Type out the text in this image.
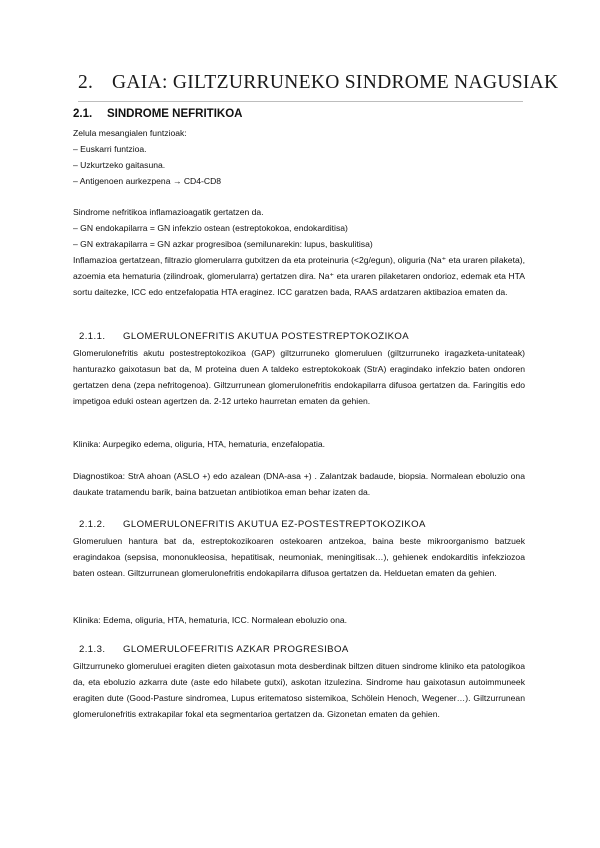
2. GAIA: GILTZURRUNEKO SINDROME NAGUSIAK
2.1. SINDROME NEFRITIKOA
Zelula mesangialen funtzioak:
– Euskarri funtzioa.
– Uzkurtzeko gaitasuna.
– Antigenoen aurkezpena → CD4-CD8
Sindrome nefritikoa inflamazioagatik gertatzen da.
– GN endokapilarra = GN infekzio ostean (estreptokokoa, endokarditisa)
– GN extrakapilarra = GN azkar progresiboa (semilunarekin: lupus, baskulitisa)
Inflamazioa gertatzean, filtrazio glomerularra gutxitzen da eta proteinuria (<2g/egun), oliguria (Na⁺ eta uraren pilaketa), azoemia eta hematuria (zilindroak, glomerularra) gertatzen dira. Na⁺ eta uraren pilaketaren ondorioz, edemak eta HTA sortu daitezke, ICC edo entzefalopatia HTA eraginez. ICC garatzen bada, RAAS ardatzaren aktibazioa ematen da.
2.1.1. GLOMERULONEFRITIS AKUTUA POSTESTREPTOKOZIKOA

Glomerulonefritis akutu postestreptokozikoa (GAP) giltzurruneko glomeruluen (giltzurruneko iragazketa-unitateak) hanturazko gaixotasun bat da, M proteina duen A taldeko estreptokokoak (StrA) eragindako infekzio baten ondoren gertatzen dena (zepa nefritogenoa). Giltzurrunean glomerulonefritis endokapilarra difusoa gertatzen da. Faringitis edo impetigoa eduki ostean agertzen da. 2-12 urteko haurretan ematen da gehien.

Klinika: Aurpegiko edema, oliguria, HTA, hematuria, enzefalopatia.

Diagnostikoa: StrA ahoan (ASLO +) edo azalean (DNA-asa +) . Zalantzak badaude, biopsia. Normalean eboluzio ona daukate tratamendu barik, baina batzuetan antibiotikoa eman behar izaten da.

2.1.2. GLOMERULONEFRITIS AKUTUA EZ-POSTESTREPTOKOZIKOA

Glomeruluen hantura bat da, estreptokozikoaren ostekoaren antzekoa, baina beste mikroorganismo batzuek eragindakoa (sepsisa, mononukleosisa, hepatitisak, neumoniak, meningitisak…), gehienek endokarditis infekziozoa baten ostean. Giltzurrunean glomerulonefritis endokapilarra difusoa gertatzen da. Helduetan ematen da gehien.

Klinika: Edema, oliguria, HTA, hematuria, ICC. Normalean eboluzio ona.

2.1.3. GLOMERULOFEFRITIS AZKAR PROGRESIBOA

Giltzurruneko glomeruluei eragiten dieten gaixotasun mota desberdinak biltzen dituen sindrome kliniko eta patologikoa da, eta eboluzio azkarra dute (aste edo hilabete gutxi), askotan itzulezina. Sindrome hau gaixotasun autoimmuneek eragiten dute (Good-Pasture sindromea, Lupus eritematoso sistemikoa, Schölein Henoch, Wegener…). Giltzurrunean glomerulonefritis extrakapilar fokal eta segmentarioa gertatzen da. Gizonetan ematen da gehien.
